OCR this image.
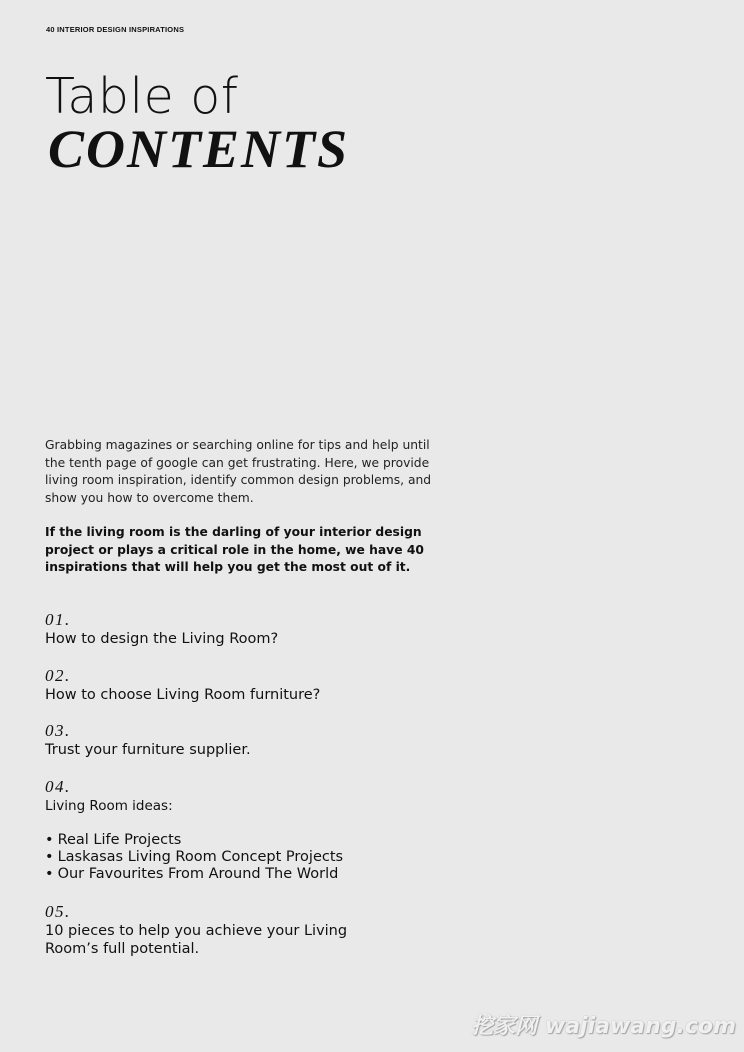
40 INTERIOR DESIGN INSPIRATIONS
Table of
CONTENTS

Grabbing magazines or searching online for tips and help until the tenth page of google can get frustrating. Here, we provide living room inspiration, identify common design problems, and show you how to overcome them.

If the living room is the darling of your interior design project or plays a critical role in the home, we have 40 inspirations that will help you get the most out of it.

01.
How to design the Living Room?
02.
How to choose Living Room furniture?
03.
Trust your furniture supplier.
04.
Living Room ideas:
• Real Life Projects
• Laskasas Living Room Concept Projects
• Our Favourites From Around The World
05.
10 pieces to help you achieve your Living Room’s full potential.
挖家网 wajiawang.com
